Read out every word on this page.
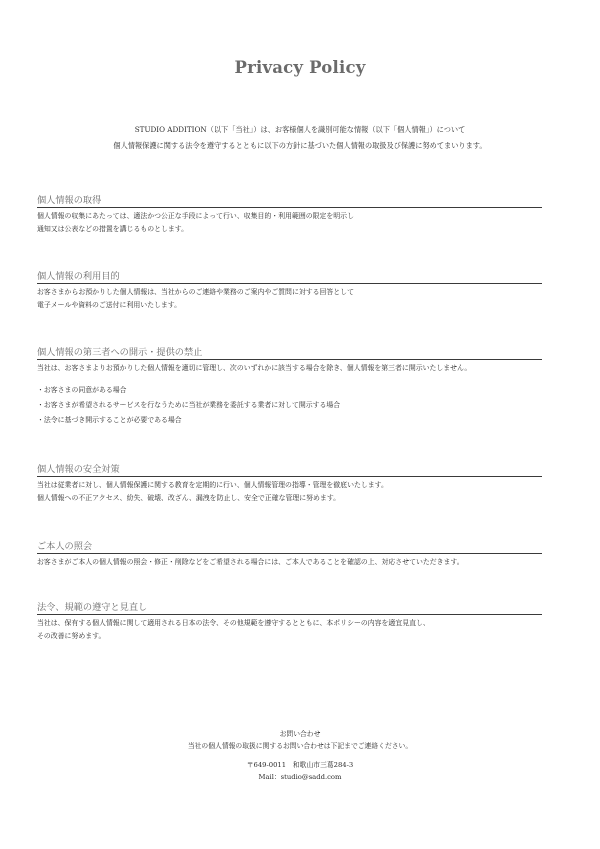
Privacy Policy
STUDIO ADDITION（以下「当社」）は、お客様個人を識別可能な情報（以下「個人情報」）について
個人情報保護に関する法令を遵守するとともに以下の方針に基づいた個人情報の取扱及び保護に努めてまいります。
個人情報の取得

個人情報の収集にあたっては、適法かつ公正な手段によって行い、収集目的・利用範囲の限定を明示し
通知又は公表などの措置を講じるものとします。

個人情報の利用目的

お客さまからお預かりした個人情報は、当社からのご連絡や業務のご案内やご質問に対する回答として
電子メールや資料のご送付に利用いたします。

個人情報の第三者への開示・提供の禁止

当社は、お客さまよりお預かりした個人情報を適切に管理し、次のいずれかに該当する場合を除き、個人情報を第三者に開示いたしません。

・お客さまの同意がある場合
・お客さまが希望されるサービスを行なうために当社が業務を委託する業者に対して開示する場合
・法令に基づき開示することが必要である場合
個人情報の安全対策

当社は従業者に対し、個人情報保護に関する教育を定期的に行い、個人情報管理の指導・管理を徹底いたします。
個人情報への不正アクセス、紛失、破壊、改ざん、漏洩を防止し、安全で正確な管理に努めます。

ご本人の照会

お客さまがご本人の個人情報の照会・修正・削除などをご希望される場合には、ご本人であることを確認の上、対応させていただきます。

法令、規範の遵守と見直し

当社は、保有する個人情報に関して適用される日本の法令、その他規範を遵守するとともに、本ポリシーの内容を適宜見直し、
その改善に努めます。

お問い合わせ
当社の個人情報の取扱に関するお問い合わせは下記までご連絡ください。
〒649-0011　和歌山市三葛284-3
Mail：studio@sadd.com
